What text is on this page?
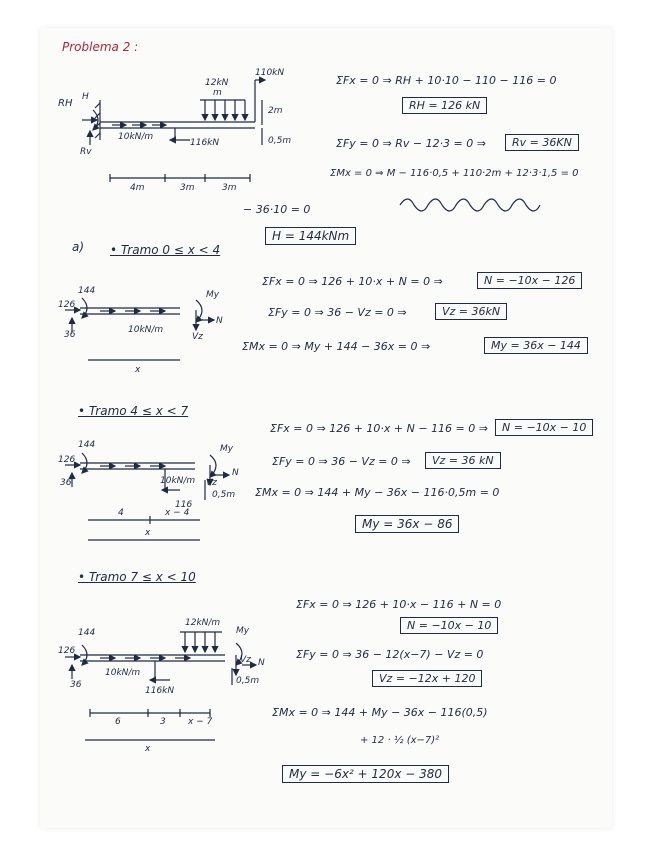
Problema 2 :
RH
H
Rv
10kN/m
116kN
110kN
12kN
m
2m
0,5m
4m	3m	3m
ΣFx = 0 ⇒ RH + 10·10 − 110 − 116 = 0
RH = 126 kN
ΣFy = 0 ⇒ Rv − 12·3 = 0 ⇒	Rv = 36KN
ΣMx = 0 ⇒ M − 116·0,5 + 110·2m + 12·3·1,5 = 0
− 36·10 = 0
H = 144kNm
a) • Tramo 0 ≤ x < 4
144
126
36	10kN/m
My
N
Vz
x
ΣFx = 0 ⇒ 126 + 10·x + N = 0 ⇒	N = −10x − 126
ΣFy = 0 ⇒ 36 − Vz = 0 ⇒	Vz = 36kN
ΣMx = 0 ⇒ My + 144 − 36x = 0 ⇒	My = 36x − 144
• Tramo 4 ≤ x < 7
144
126
36	10kN/m
My
N
Vz
116
0,5m
4	x − 4
x
ΣFx = 0 ⇒ 126 + 10·x + N − 116 = 0 ⇒	N = −10x − 10
ΣFy = 0 ⇒ 36 − Vz = 0 ⇒	Vz = 36 kN
ΣMx = 0 ⇒ 144 + My − 36x − 116·0,5m = 0
My = 36x − 86
• Tramo 7 ≤ x < 10
144
126
36
10kN/m
12kN/m
My
N
Vz
116kN
0,5m
6	3 x − 7
x
ΣFx = 0 ⇒ 126 + 10·x − 116 + N = 0
N = −10x − 10
ΣFy = 0 ⇒ 36 − 12(x−7) − Vz = 0
Vz = −12x + 120
ΣMx = 0 ⇒ 144 + My − 36x − 116(0,5)
+ 12 · ½ (x−7)²
My = −6x² + 120x − 380
